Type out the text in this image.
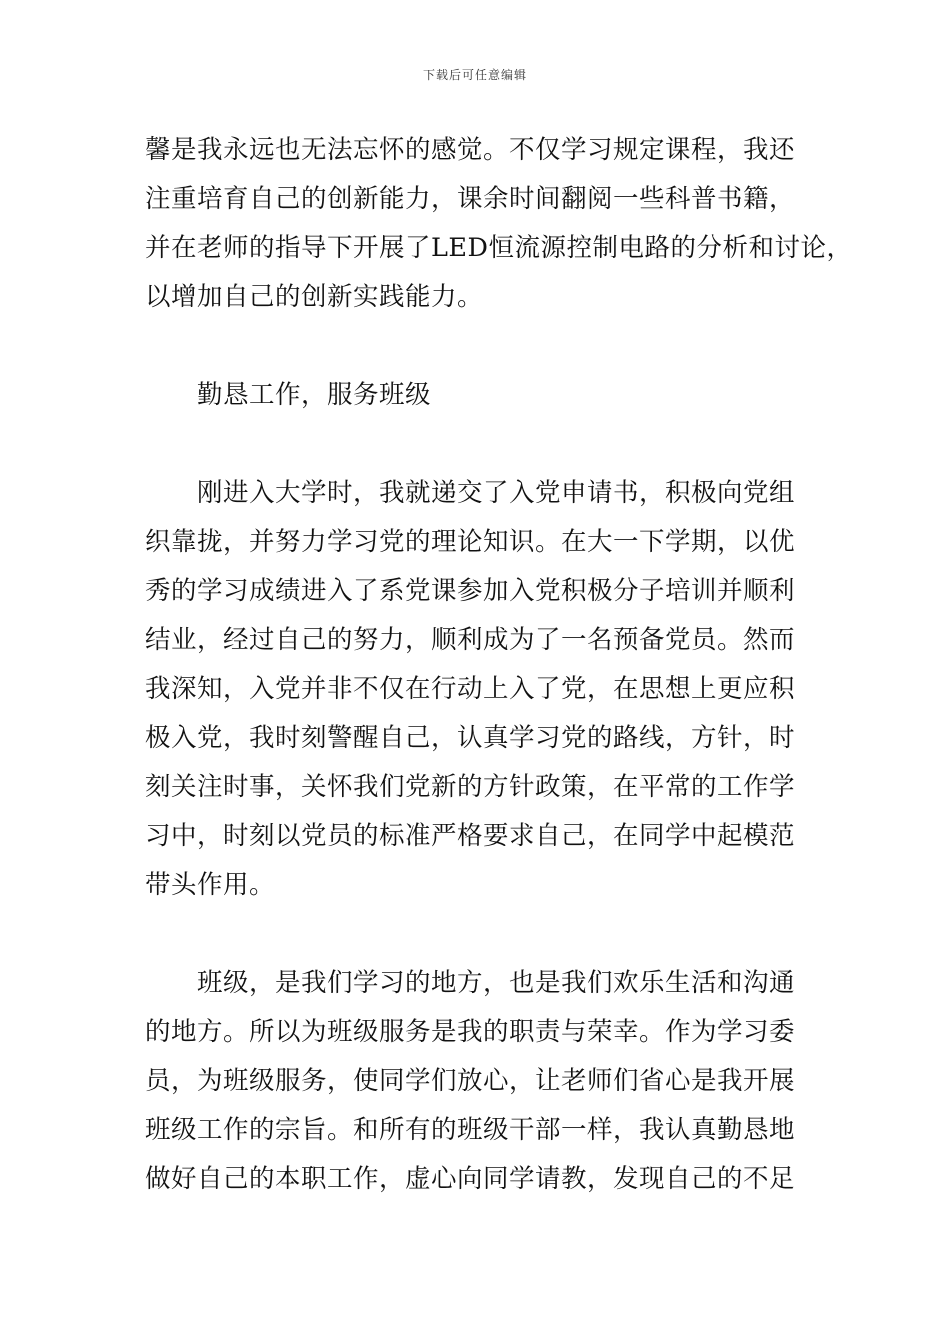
下载后可任意编辑
馨是我永远也无法忘怀的感觉。不仅学习规定课程，我还
注重培育自己的创新能力，课余时间翻阅一些科普书籍，
并在老师的指导下开展了LED恒流源控制电路的分析和讨论，
以增加自己的创新实践能力。
勤恳工作，服务班级
刚进入大学时，我就递交了入党申请书，积极向党组
织靠拢，并努力学习党的理论知识。在大一下学期，以优
秀的学习成绩进入了系党课参加入党积极分子培训并顺利
结业，经过自己的努力，顺利成为了一名预备党员。然而
我深知，入党并非不仅在行动上入了党，在思想上更应积
极入党，我时刻警醒自己，认真学习党的路线，方针，时
刻关注时事，关怀我们党新的方针政策，在平常的工作学
习中，时刻以党员的标准严格要求自己，在同学中起模范
带头作用。
班级，是我们学习的地方，也是我们欢乐生活和沟通
的地方。所以为班级服务是我的职责与荣幸。作为学习委
员，为班级服务，使同学们放心，让老师们省心是我开展
班级工作的宗旨。和所有的班级干部一样，我认真勤恳地
做好自己的本职工作，虚心向同学请教，发现自己的不足
